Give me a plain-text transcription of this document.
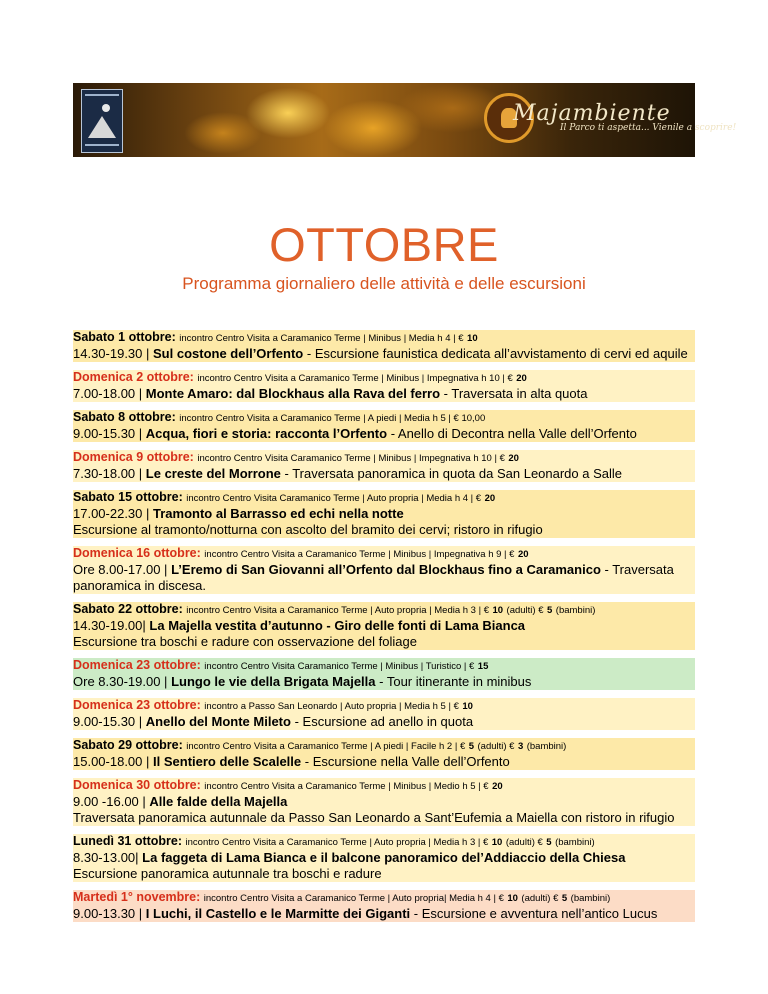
Majambiente
Il Parco ti aspetta... Vienile a scoprire!
OTTOBRE
Programma giornaliero delle attività e delle escursioni
Sabato 1 ottobre: incontro Centro Visita a Caramanico Terme | Minibus | Media h 4 | € 10
14.30-19.30 | Sul costone dell’Orfento - Escursione faunistica dedicata all’avvistamento di cervi ed aquile
Domenica 2 ottobre: incontro Centro Visita a Caramanico Terme | Minibus | Impegnativa h 10 | € 20
7.00-18.00 | Monte Amaro: dal Blockhaus alla Rava del ferro - Traversata in alta quota
Sabato 8 ottobre: incontro Centro Visita a Caramanico Terme | A piedi | Media h 5 | € 10,00
9.00-15.30 | Acqua, fiori e storia: racconta l’Orfento - Anello di Decontra nella Valle dell’Orfento
Domenica 9 ottobre: incontro Centro Visita Caramanico Terme | Minibus | Impegnativa h 10 | € 20
7.30-18.00 | Le creste del Morrone - Traversata panoramica in quota da San Leonardo a Salle
Sabato 15 ottobre: incontro Centro Visita Caramanico Terme | Auto propria | Media h 4 | € 20
17.00-22.30 | Tramonto al Barrasso ed echi nella notte
Escursione al tramonto/notturna con ascolto del bramito dei cervi; ristoro in rifugio
Domenica 16 ottobre: incontro Centro Visita a Caramanico Terme | Minibus | Impegnativa h 9 | € 20
Ore 8.00-17.00 | L’Eremo di San Giovanni all’Orfento dal Blockhaus fino a Caramanico - Traversata panoramica in discesa.
Sabato 22 ottobre: incontro Centro Visita a Caramanico Terme | Auto propria | Media h 3 | € 10 (adulti) € 5 (bambini)
14.30-19.00| La Majella vestita d’autunno - Giro delle fonti di Lama Bianca
Escursione tra boschi e radure con osservazione del foliage
Domenica 23 ottobre: incontro Centro Visita Caramanico Terme | Minibus | Turistico | € 15
Ore 8.30-19.00 | Lungo le vie della Brigata Majella - Tour itinerante in minibus
Domenica 23 ottobre: incontro a Passo San Leonardo | Auto propria | Media h 5 | € 10
9.00-15.30 | Anello del Monte Mileto - Escursione ad anello in quota
Sabato 29 ottobre: incontro Centro Visita a Caramanico Terme | A piedi | Facile h 2 | € 5 (adulti) € 3 (bambini)
15.00-18.00 | Il Sentiero delle Scalelle - Escursione nella Valle dell’Orfento
Domenica 30 ottobre: incontro Centro Visita a Caramanico Terme | Minibus | Medio h 5 | € 20
9.00 -16.00 | Alle falde della Majella
Traversata panoramica autunnale da Passo San Leonardo a Sant’Eufemia a Maiella con ristoro in rifugio
Lunedì 31 ottobre: incontro Centro Visita a Caramanico Terme | Auto propria | Media h 3 | € 10 (adulti) € 5 (bambini)
8.30-13.00| La faggeta di Lama Bianca e il balcone panoramico del’Addiaccio della Chiesa
Escursione panoramica autunnale tra boschi e radure
Martedì 1° novembre: incontro Centro Visita a Caramanico Terme | Auto propria| Media h 4 | € 10 (adulti) € 5 (bambini)
9.00-13.30 | I Luchi, il Castello e le Marmitte dei Giganti - Escursione e avventura nell’antico Lucus
